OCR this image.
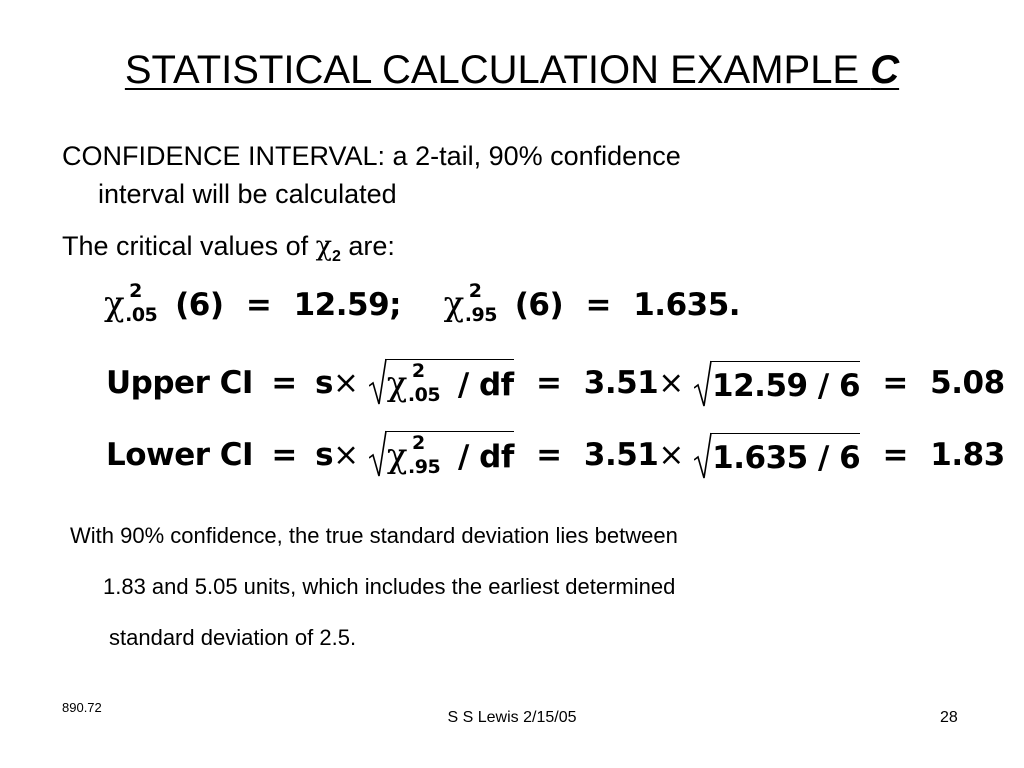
STATISTICAL CALCULATION EXAMPLE C
CONFIDENCE INTERVAL: a 2-tail, 90% confidence
interval will be calculated
The critical values of $\chi_2$ are:
χ 2
.05 (6) = 12.59; χ 2
.95 (6) = 1.635.
Upper CI = s× χ 2
.05 / df = 3.51× 12.59 / 6 = 5.08
Lower CI = s× χ 2
.95 / df = 3.51× 1.635 / 6 = 1.83
With 90% confidence, the true standard deviation lies between
1.83 and 5.05 units, which includes the earliest determined
standard deviation of 2.5.
890.72
S S Lewis 2/15/05	28
